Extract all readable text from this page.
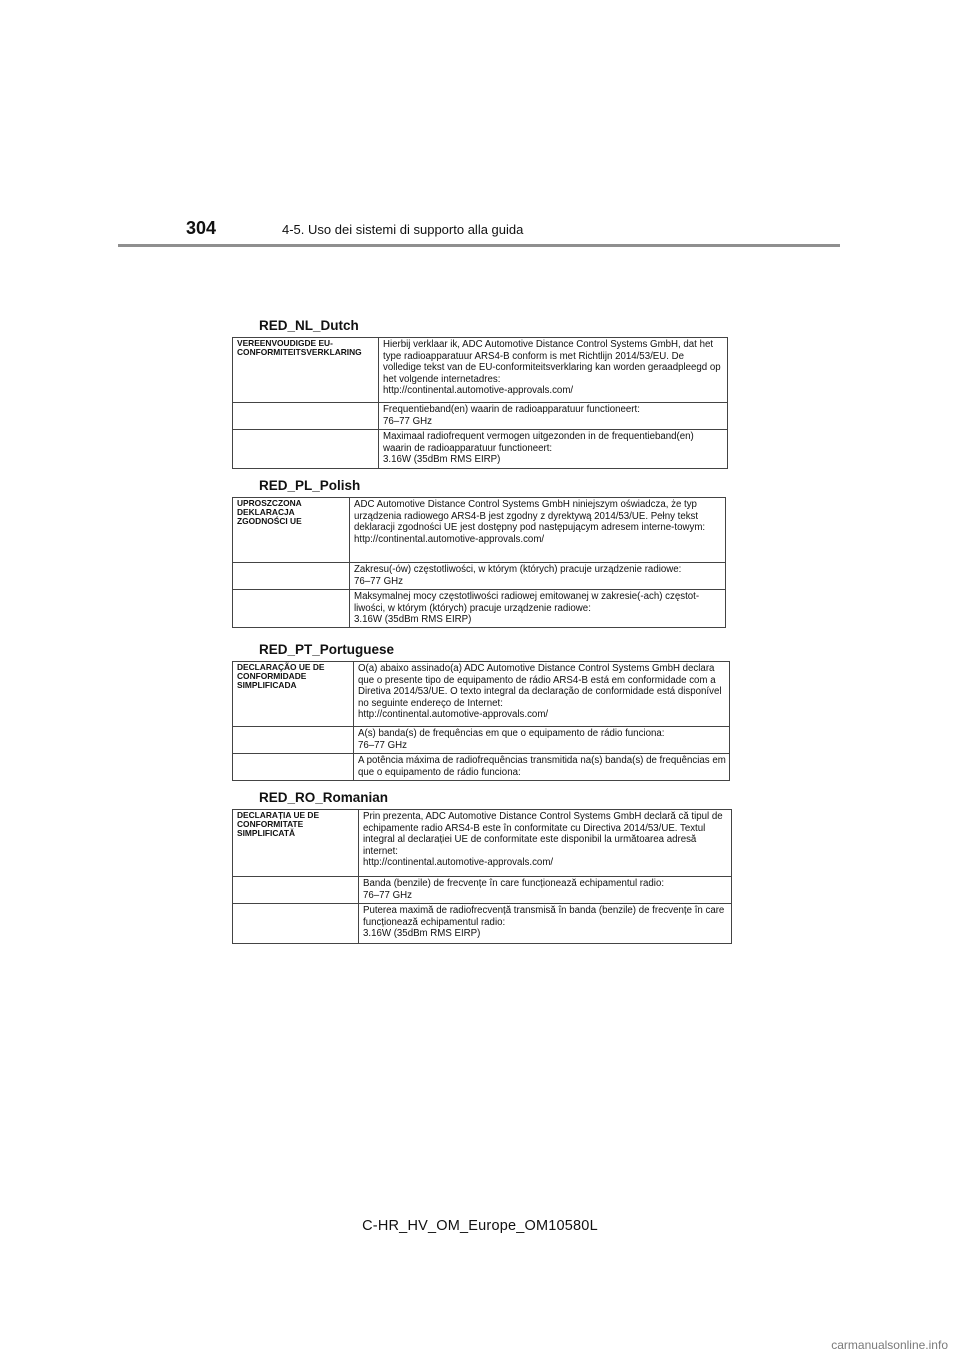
304	4-5. Uso dei sistemi di supporto alla guida
RED_NL_Dutch
VEREENVOUDIGDE EU-CONFORMITEITSVERKLARING	Hierbij verklaar ik, ADC Automotive Distance Control Systems GmbH, dat het type radioapparatuur ARS4-B conform is met Richtlijn 2014/53/EU. De volledige tekst van de EU-conformiteitsverklaring kan worden geraadpleegd op het volgende internetadres:
http://continental.automotive-approvals.com/
	Frequentieband(en) waarin de radioapparatuur functioneert:
76–77 GHz
	Maximaal radiofrequent vermogen uitgezonden in de frequentieband(en) waarin de radioapparatuur functioneert:
3.16W (35dBm RMS EIRP)
RED_PL_Polish
UPROSZCZONA DEKLARACJA ZGODNOŚCI UE	ADC Automotive Distance Control Systems GmbH niniejszym oświadcza, że typ urządzenia radiowego ARS4-B jest zgodny z dyrektywą 2014/53/UE. Pełny tekst deklaracji zgodności UE jest dostępny pod następującym adresem interne-towym:
http://continental.automotive-approvals.com/
	Zakresu(-ów) częstotliwości, w którym (których) pracuje urządzenie radiowe:
76–77 GHz
	Maksymalnej mocy częstotliwości radiowej emitowanej w zakresie(-ach) częstot-liwości, w którym (których) pracuje urządzenie radiowe:
3.16W (35dBm RMS EIRP)
RED_PT_Portuguese
DECLARAÇÃO UE DE CONFORMIDADE SIMPLIFICADA	O(a) abaixo assinado(a) ADC Automotive Distance Control Systems GmbH declara que o presente tipo de equipamento de rádio ARS4-B está em conformidade com a Diretiva 2014/53/UE. O texto integral da declaração de conformidade está disponível no seguinte endereço de Internet:
http://continental.automotive-approvals.com/
	A(s) banda(s) de frequências em que o equipamento de rádio funciona:
76–77 GHz
	A potência máxima de radiofrequências transmitida na(s) banda(s) de frequências em que o equipamento de rádio funciona:
RED_RO_Romanian
DECLARAȚIA UE DE CONFORMITATE SIMPLIFICATĂ	Prin prezenta, ADC Automotive Distance Control Systems GmbH declară că tipul de echipamente radio ARS4-B este în conformitate cu Directiva 2014/53/UE. Textul integral al declarației UE de conformitate este disponibil la următoarea adresă internet:
http://continental.automotive-approvals.com/
	Banda (benzile) de frecvențe în care funcționează echipamentul radio:
76–77 GHz
	Puterea maximă de radiofrecvență transmisă în banda (benzile) de frecvențe în care funcționează echipamentul radio:
3.16W (35dBm RMS EIRP)
C-HR_HV_OM_Europe_OM10580L
carmanualsonline.info
